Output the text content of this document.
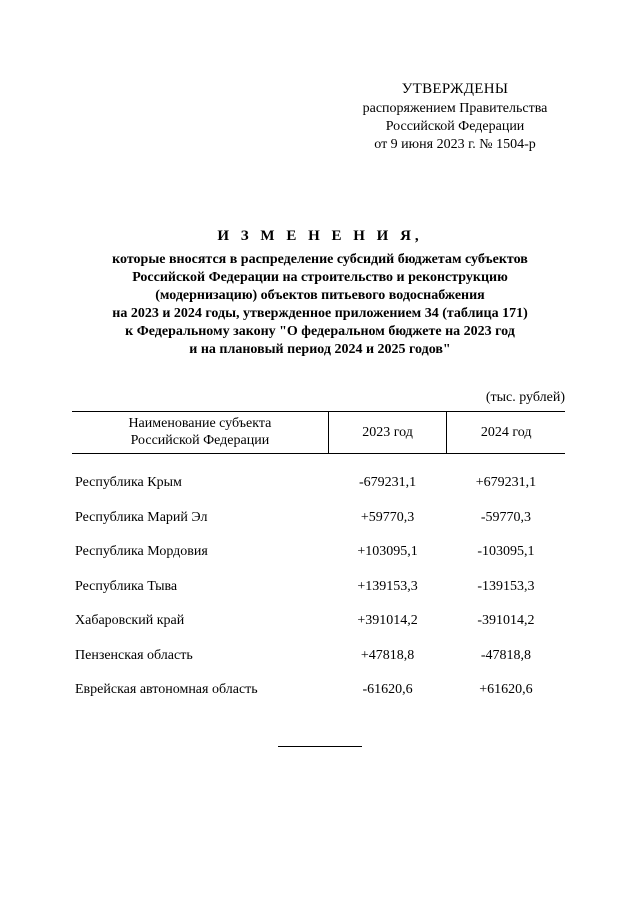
УТВЕРЖДЕНЫ
распоряжением Правительства
Российской Федерации
от 9 июня 2023 г. № 1504-р
И З М Е Н Е Н И Я,
которые вносятся в распределение субсидий бюджетам субъектов
Российской Федерации на строительство и реконструкцию
(модернизацию) объектов питьевого водоснабжения
на 2023 и 2024 годы, утвержденное приложением 34 (таблица 171)
к Федеральному закону "О федеральном бюджете на 2023 год
и на плановый период 2024 и 2025 годов"
(тыс. рублей)
Наименование субъекта
Российской Федерации	2023 год	2024 год

Республика Крым	-679231,1	+679231,1
Республика Марий Эл	+59770,3	-59770,3
Республика Мордовия	+103095,1	-103095,1
Республика Тыва	+139153,3	-139153,3
Хабаровский край	+391014,2	-391014,2
Пензенская область	+47818,8	-47818,8
Еврейская автономная область	-61620,6	+61620,6
